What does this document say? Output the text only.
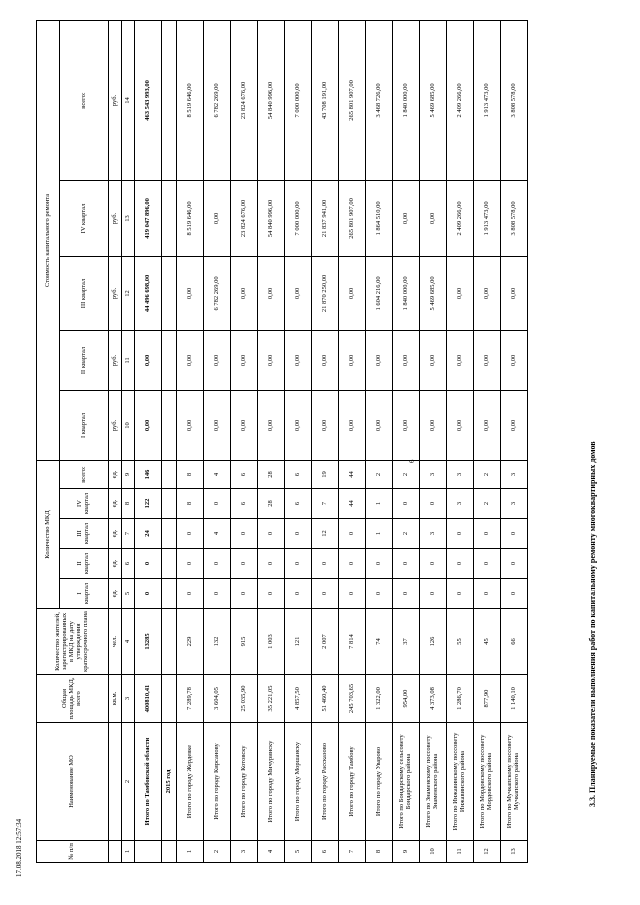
17.08.2018 12:57:34
3.3. Планируемые показатели выполнения работ по капитальному ремонту многоквартирных домов
6
№ п/п	Наименование МО	Общая площадь МКД, всего	Количество жителей, зарегистрированных в МКД на дату утверждения краткосрочного плана	Количество МКД					Стоимость капитального ремонта				
				I квартал	II квартал	III квартал	IV квартал	всего:	I квартал	II квартал	III квартал	IV квартал	всего:
		кв.м.	чел.	ед.	ед.	ед.	ед.	ед.	руб.	руб.	руб.	руб.	руб.
1	2	3	4	5	6	7	8	9	10	11	12	13	14
	Итого по Тамбовской области	400810,41	13285	0	0	24	122	146	0,00	0,00	44 496 698,00	419 047 896,00	463 543 993,00
	2015 год												
1	Итого по городу Жердевке	7 289,78	229	0	0	0	8	8	0,00	0,00	0,00	8 519 646,00	8 519 646,00
2	Итого по городу Кирсанову	3 604,05	132	0	0	4	0	4	0,00	0,00	6 782 269,00	0,00	6 782 269,00
3	Итого по городу Котовску	25 035,90	915	0	0	0	6	6	0,00	0,00	0,00	23 824 676,00	23 824 676,00
4	Итого по городу Мичуринску	35 221,05	1 003	0	0	0	28	28	0,00	0,00	0,00	54 840 996,00	54 840 996,00
5	Итого по городу Моршанску	4 857,50	121	0	0	0	6	6	0,00	0,00	0,00	7 000 000,00	7 000 000,00
6	Итого по городу Рассказово	51 460,40	2 007	0	0	12	7	19	0,00	0,00	21 870 250,00	21 837 941,00	43 708 191,00
7	Итого по городу Тамбову	245 703,65	7 814	0	0	0	44	44	0,00	0,00	0,00	265 801 907,00	265 801 907,00
8	Итого по городу Уварово	1 322,00	74	0	0	1	1	2	0,00	0,00	1 604 216,00	1 864 510,00	3 468 726,00
9	Итого по Бондарскому сельсовету Бондарского района	954,00	37	0	0	2	0	2	0,00	0,00	1 840 000,00	0,00	1 840 000,00
10	Итого по Знаменскому поссовету Знаменского района	4 373,08	126	0	0	3	0	3	0,00	0,00	5 469 685,00	0,00	5 469 685,00
11	Итого по Инжавинскому поссовету Инжавинского района	1 286,70	55	0	0	0	3	3	0,00	0,00	0,00	2 409 266,00	2 409 266,00
12	Итого по Мордовскому поссовету Мордовского района	877,90	45	0	0	0	2	2	0,00	0,00	0,00	1 913 473,00	1 913 473,00
13	Итого по Мучкапскому поссовету Мучкапского района	1 140,10	66	0	0	0	3	3	0,00	0,00	0,00	3 808 578,00	3 808 578,00
